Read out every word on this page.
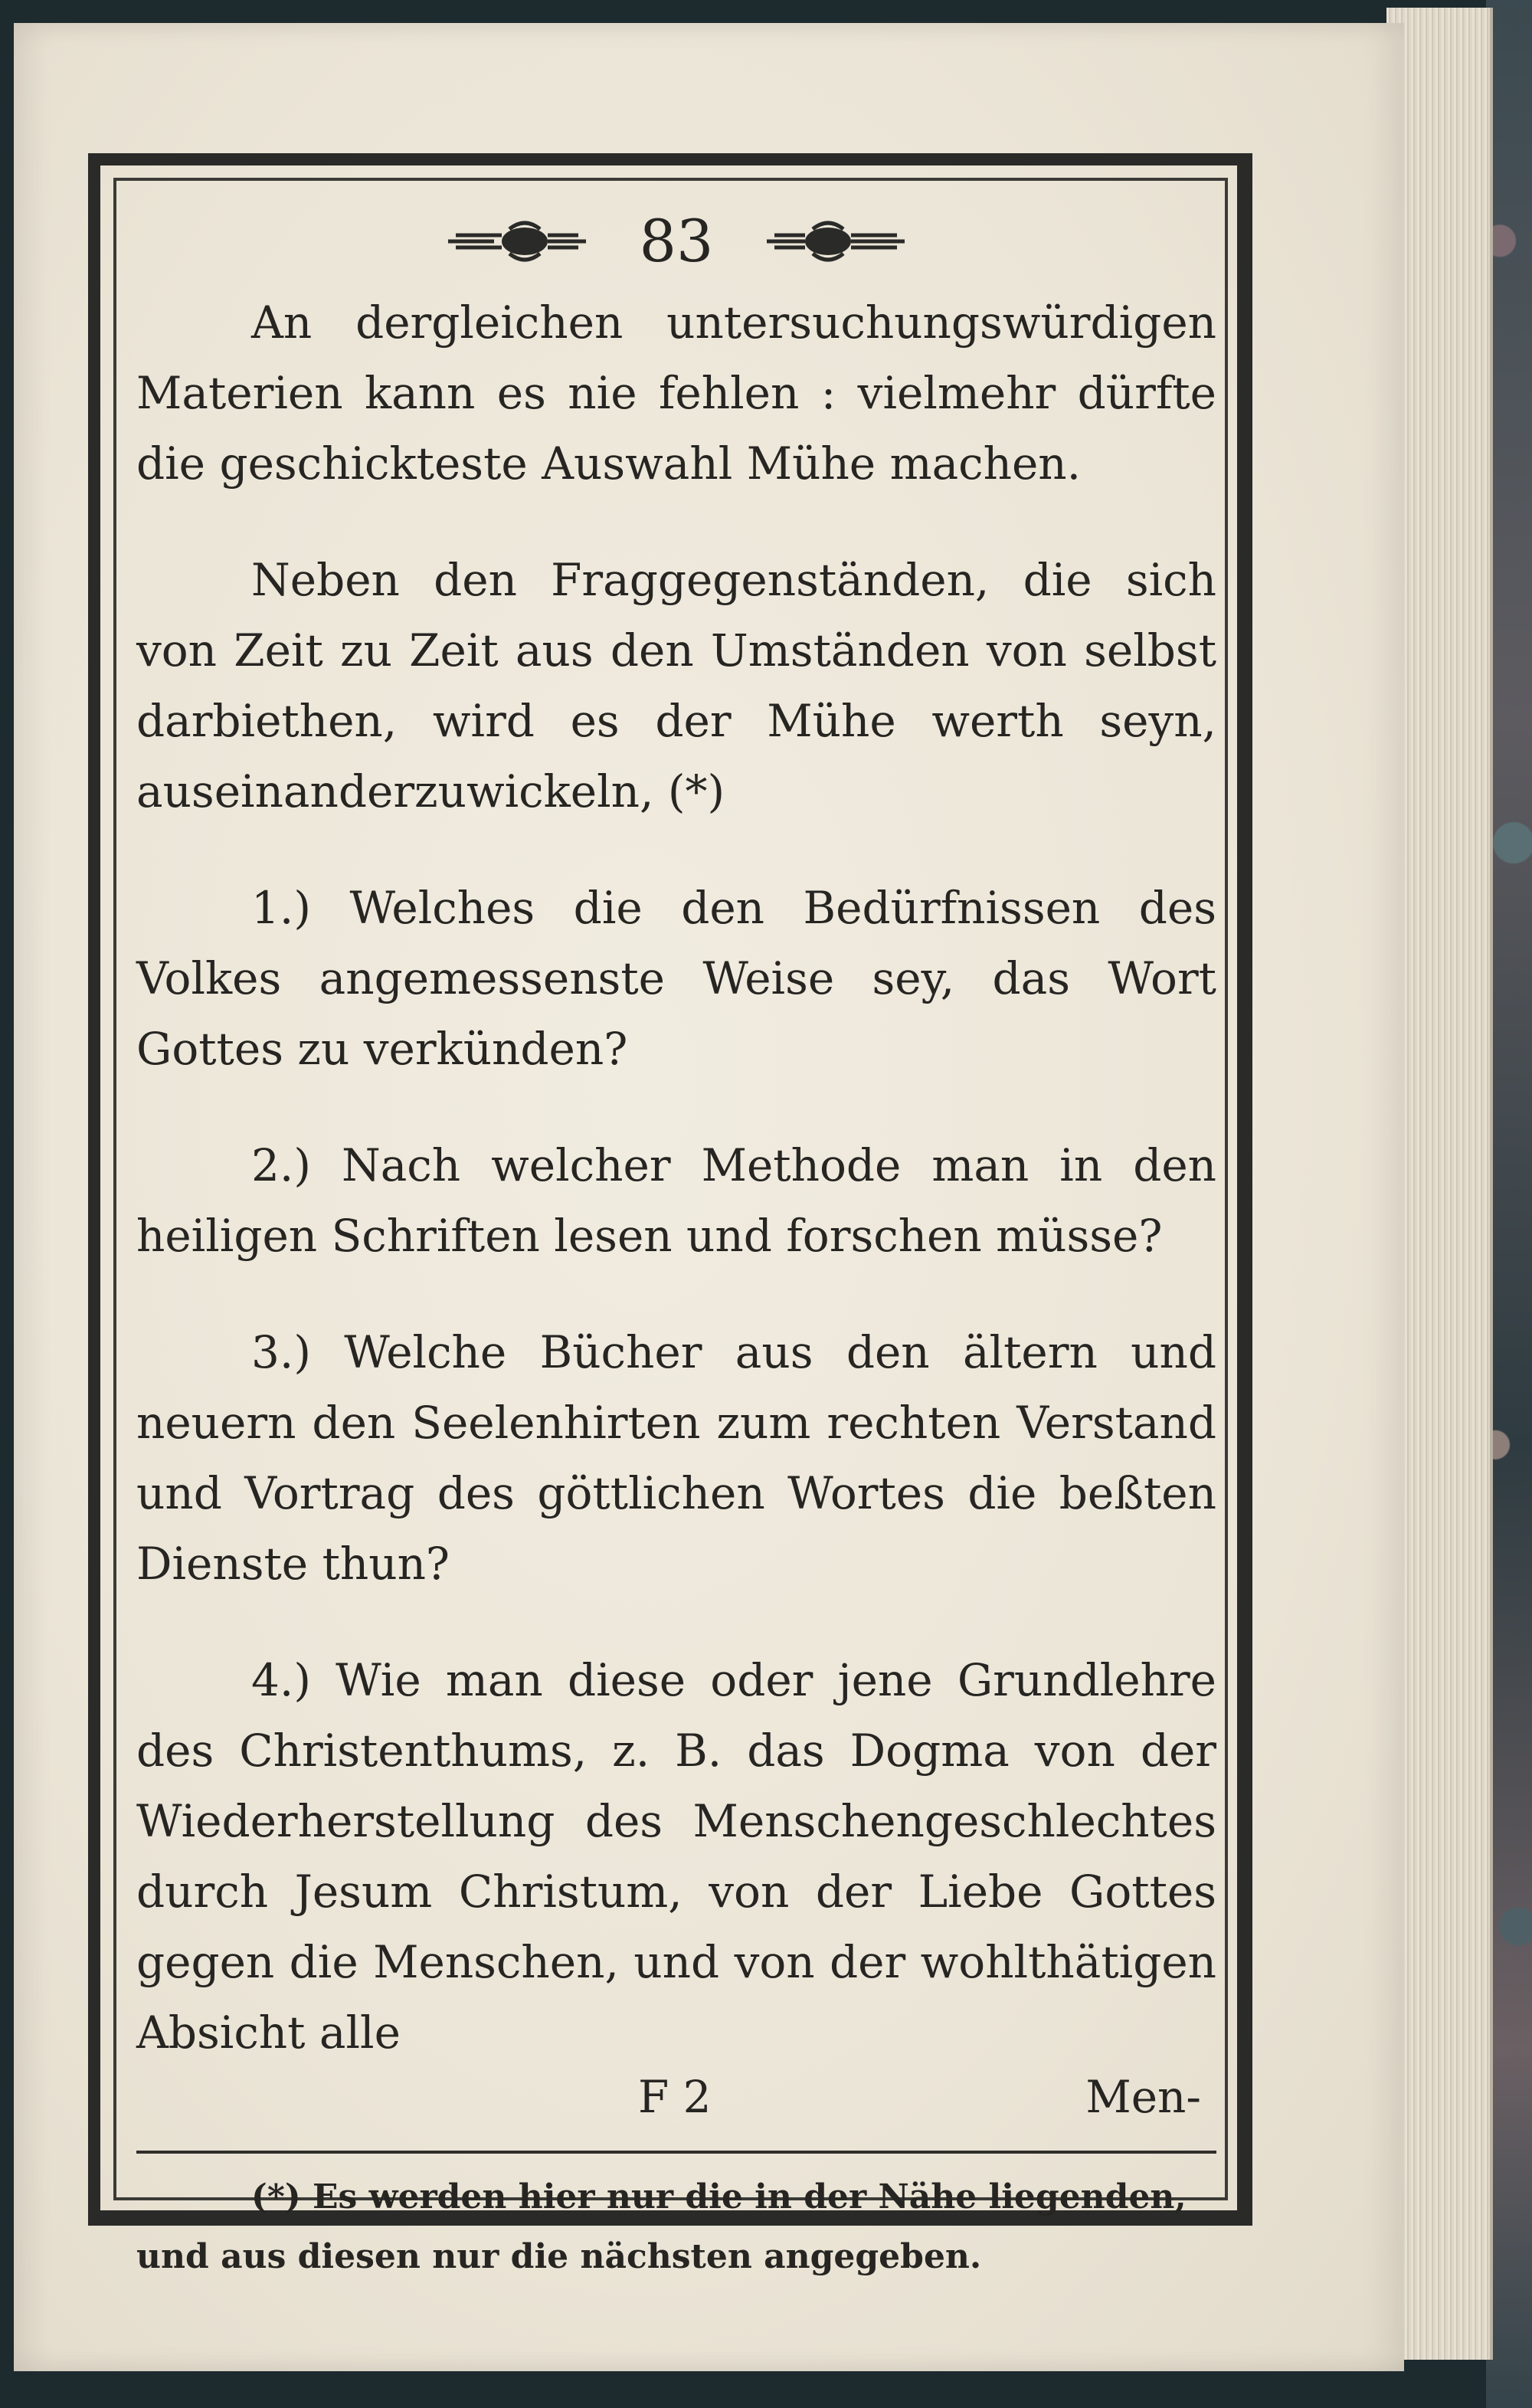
83

An dergleichen untersuchungswürdigen Materien kann es nie fehlen : vielmehr dürfte die geschickteste Auswahl Mühe machen.

Neben den Fraggegenständen, die sich von Zeit zu Zeit aus den Umständen von selbst darbiethen, wird es der Mühe werth seyn, auseinanderzuwickeln, (*)

1.) Welches die den Bedürfnissen des Volkes angemessenste Weise sey, das Wort Gottes zu verkünden?

2.) Nach welcher Methode man in den heiligen Schriften lesen und forschen müsse?

3.) Welche Bücher aus den ältern und neuern den Seelenhirten zum rechten Verstand und Vortrag des göttlichen Wortes die beßten Dienste thun?

4.) Wie man diese oder jene Grundlehre des Christenthums, z. B. das Dogma von der Wiederherstellung des Menschengeschlechtes durch Jesum Christum, von der Liebe Gottes gegen die Menschen, und von der wohlthätigen Absicht alle

F 2	Men-

(*) Es werden hier nur die in der Nähe liegenden, und aus diesen nur die nächsten angegeben.
